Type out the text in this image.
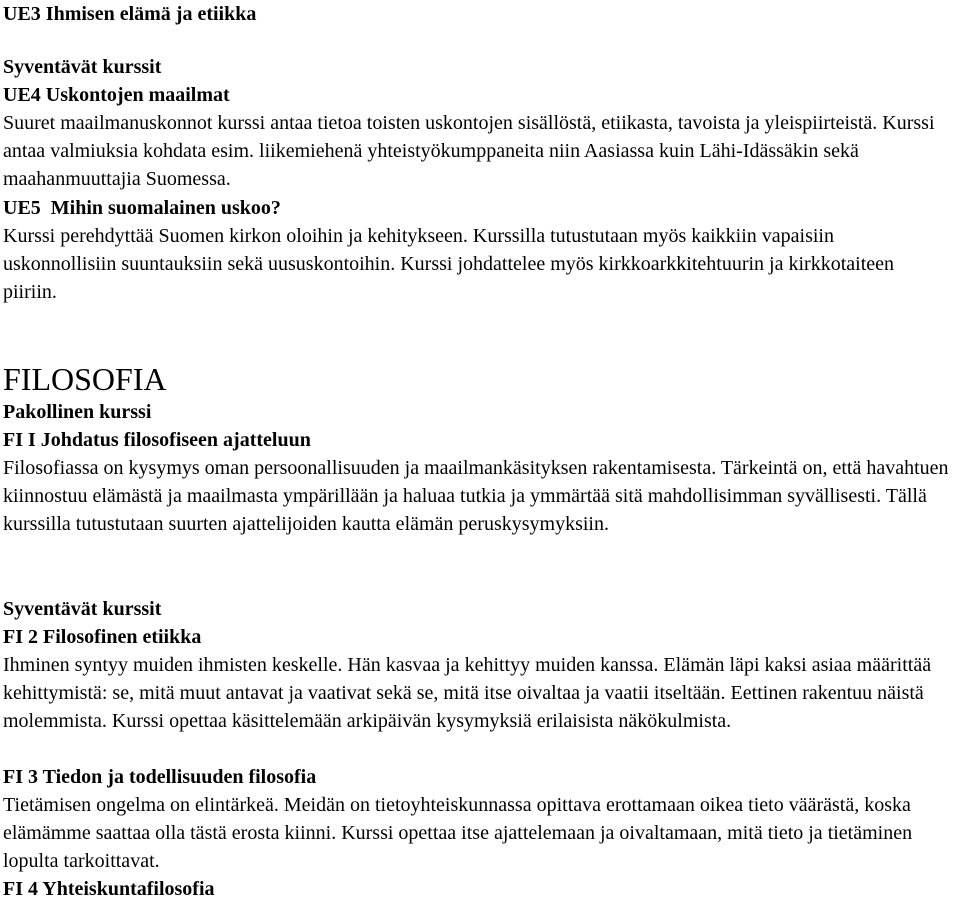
UE3 Ihmisen elämä ja etiikka

Syventävät kurssit

UE4 Uskontojen maailmat

Suuret maailmanuskonnot kurssi antaa tietoa toisten uskontojen sisällöstä, etiikasta, tavoista ja yleispiirteistä. Kurssi antaa valmiuksia kohdata esim. liikemiehenä yhteistyökumppaneita niin Aasiassa kuin Lähi-Idässäkin sekä maahanmuuttajia Suomessa.

UE5  Mihin suomalainen uskoo?

Kurssi perehdyttää Suomen kirkon oloihin ja kehitykseen. Kurssilla tutustutaan myös kaikkiin vapaisiin uskonnollisiin suuntauksiin sekä uususkontoihin. Kurssi johdattelee myös kirkkoarkkitehtuurin ja kirkkotaiteen piiriin.

FILOSOFIA

Pakollinen kurssi

FI I Johdatus filosofiseen ajatteluun

Filosofiassa on kysymys oman persoonallisuuden ja maailmankäsityksen rakentamisesta. Tärkeintä on, että havahtuen kiinnostuu elämästä ja maailmasta ympärillään ja haluaa tutkia ja ymmärtää sitä mahdollisimman syvällisesti. Tällä kurssilla tutustutaan suurten ajattelijoiden kautta elämän peruskysymyksiin.

Syventävät kurssit

FI 2 Filosofinen etiikka

Ihminen syntyy muiden ihmisten keskelle. Hän kasvaa ja kehittyy muiden kanssa. Elämän läpi kaksi asiaa määrittää kehittymistä: se, mitä muut antavat ja vaativat sekä se, mitä itse oivaltaa ja vaatii itseltään. Eettinen rakentuu näistä molemmista. Kurssi opettaa käsittelemään arkipäivän kysymyksiä erilaisista näkökulmista.

FI 3 Tiedon ja todellisuuden filosofia

Tietämisen ongelma on elintärkeä. Meidän on tietoyhteiskunnassa opittava erottamaan oikea tieto väärästä, koska elämämme saattaa olla tästä erosta kiinni. Kurssi opettaa itse ajattelemaan ja oivaltamaan, mitä tieto ja tietäminen lopulta tarkoittavat.

FI 4 Yhteiskuntafilosofia
